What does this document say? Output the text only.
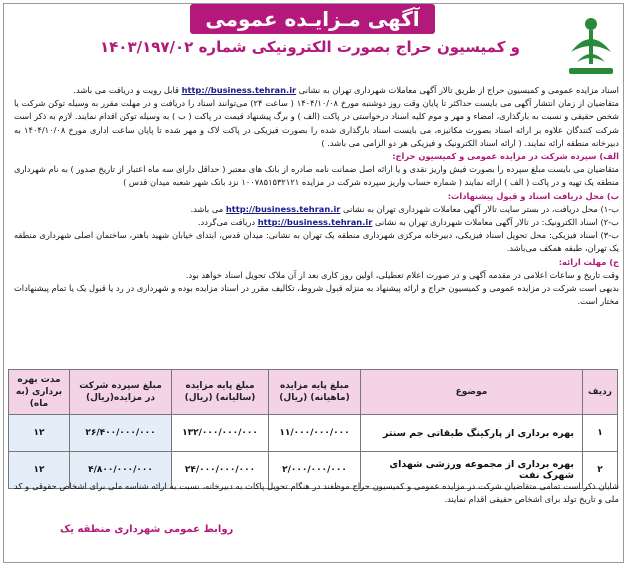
آگهی مـزایـده عمومی
و کمیسیون حراج بصورت الکترونیکی شماره ۱۴۰۳/۱۹۷/۰۲

اسناد مزایده عمومی و کمیسیون حراج از طریق تالار آگهی معاملات شهرداری تهران به نشانی http://business.tehran.ir قابل رویت و دریافت می باشد.

متقاضیان از زمان انتشار آگهی می بایست حداکثر تا پایان وقت روز دوشنبه مورخ ۱۴۰۴/۱۰/۰۸ ( ساعت ۲۴) می‌توانند اسناد را دریافت و در مهلت مقرر به وسیله توکن شرکت یا شخص حقیقی و نسبت به بارگذاری، امضاء و مهر و موم کلیه اسناد درخواستی در پاکت (الف ) و برگ پیشنهاد قیمت در پاکت ( ب ) به وسیله توکن اقدام نمایند. لازم به ذکر است شرکت کنندگان علاوه بر ارائه اسناد بصورت مکانیزه، می بایست اسناد بارگذاری شده را بصورت فیزیکی در پاکت لاک و مهر شده تا پایان ساعت اداری مورخ ۱۴۰۴/۱۰/۰۸ به دبیرخانه منطقه ارائه نمایند. ( ارائه اسناد الکترونیک و فیزیکی هر دو الزامی می باشد. )

الف) سپرده شرکت در مزایده عمومی و کمیسیون حراج:

متقاضیان می بایست مبلغ سپرده را بصورت فیش واریز نقدی و یا ارائه اصل ضمانت نامه صادره از بانک های معتبر ( حداقل دارای سه ماه اعتبار از تاریخ صدور ) به نام شهرداری منطقه یک تهیه و در پاکت ( الف ) ارائه نمایند ( شماره حساب واریز سپرده شرکت در مزایده ۱۰۰۷۸۵۱۵۳۲۱۲۱ نزد بانک شهر شعبه میدان قدس )

ب) محل دریافت اسناد و قبول پیشنهادات:

ب-۱) محل دریافت، در بستر سایت تالار آگهی معاملات شهرداری تهران به نشانی http://business.tehran.ir می باشد.

ب-۲) اسناد الکترونیک: در تالار آگهی معاملات شهرداری تهران به نشانی http://business.tehran.ir دریافت می‌گردد.

ب-۳) اسناد فیزیکی: محل تحویل اسناد فیزیکی، دبیرخانه مرکزی شهرداری منطقه یک تهران به نشانی: میدان قدس، ابتدای خیابان شهید باهنر، ساختمان اصلی شهرداری منطقه یک تهران، طبقه همکف می‌باشد.

ج) مهلت ارائه:

وقت تاریخ و ساعات اعلامی در مقدمه آگهی و در صورت اعلام تعطیلی، اولین روز کاری بعد از آن ملاک تحویل اسناد خواهد بود.

بدیهی است شرکت در مزایده عمومی و کمیسیون حراج و ارائه پیشنهاد به منزله قبول شروط، تکالیف مقرر در اسناد مزایده بوده و شهرداری در رد یا قبول یک یا تمام پیشنهادات مختار است.

ردیف	موضوع	مبلغ پایه مزایده (ماهیانه) (ریال)	مبلغ پایه مزایده (سالیانه) (ریال)	مبلغ سپرده شرکت در مزایده(ریال)	مدت بهره برداری (به ماه)
۱	بهره برداری از پارکینگ طبقاتی جم سنتر	۱۱/۰۰۰/۰۰۰/۰۰۰	۱۳۲/۰۰۰/۰۰۰/۰۰۰	۲۶/۴۰۰/۰۰۰/۰۰۰	۱۲
۲	بهره برداری از مجموعه ورزشی شهدای شهرک نفت	۲/۰۰۰/۰۰۰/۰۰۰	۲۴/۰۰۰/۰۰۰/۰۰۰	۴/۸۰۰/۰۰۰/۰۰۰	۱۲
شایان ذکر است تمامی متقاضیان شرکت در مزایده عمومی و کمیسیون حراج موظفند در هنگام تحویل پاکات به دبیرخانه، نسبت به ارائه شناسه ملی برای اشخاص حقوقی و کد ملی و تاریخ تولد برای اشخاص حقیقی اقدام نمایند.
روابط عمومی شهرداری منطقه یک
